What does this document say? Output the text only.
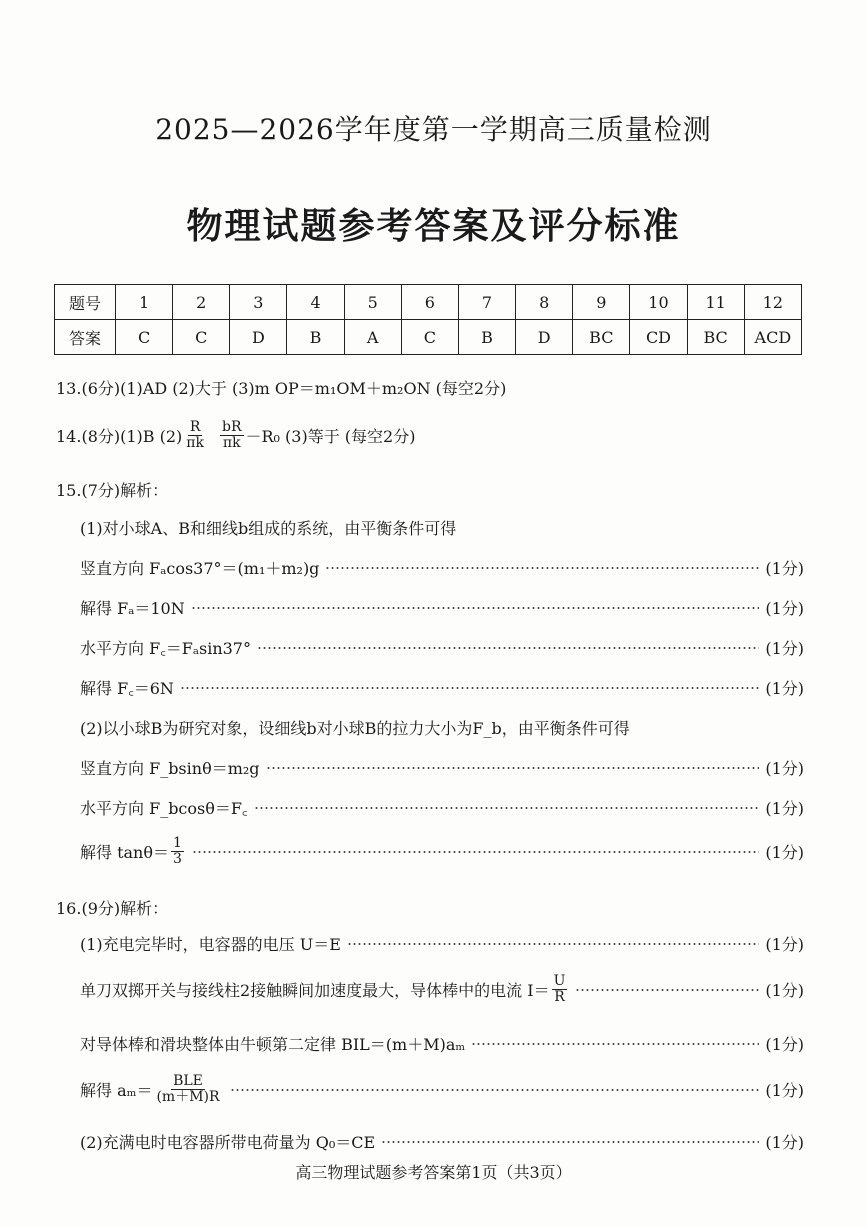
2025—2026学年度第一学期高三质量检测
物理试题参考答案及评分标准
题号	1	2	3	4	5	6	7	8	9	10	11	12
答案	C	C	D	B	A	C	B	D	BC	CD	BC	ACD
13.(6分)(1)AD (2)大于 (3)m OP＝m₁OM＋m₂ON (每空2分)
14.(8分)(1)B $(2) \frac{R}{\pi k} \frac{bR}{\pi k} -R_0$ (3)等于 (每空2分)
15.(7分)解析：
(1)对小球A、B和细线b组成的系统，由平衡条件可得
竖直方向 Fₐcos37°＝(m₁＋m₂)g	(1分)
解得 Fₐ＝10N	(1分)
水平方向 F꜀＝Fₐsin37°	(1分)
解得 F꜀＝6N	(1分)
(2)以小球B为研究对象，设细线b对小球B的拉力大小为F_b，由平衡条件可得
竖直方向 F_bsinθ＝m₂g	(1分)
水平方向 F_bcosθ＝F꜀	(1分)
解得 $\tan\theta= \frac{1}{3}$	(1分)
16.(9分)解析：
(1)充电完毕时，电容器的电压 U＝E	(1分)
单刀双掷开关与接线柱2接触瞬间加速度最大，导体棒中的电流 $I= \frac{U}{R}$	(1分)
对导体棒和滑块整体由牛顿第二定律 BIL＝(m＋M)aₘ	(1分)
解得 $a_m= \frac{\text{BLE}}{(m+M)R}$	(1分)
(2)充满电时电容器所带电荷量为 Q₀＝CE	(1分)
高三物理试题参考答案第1页（共3页）
